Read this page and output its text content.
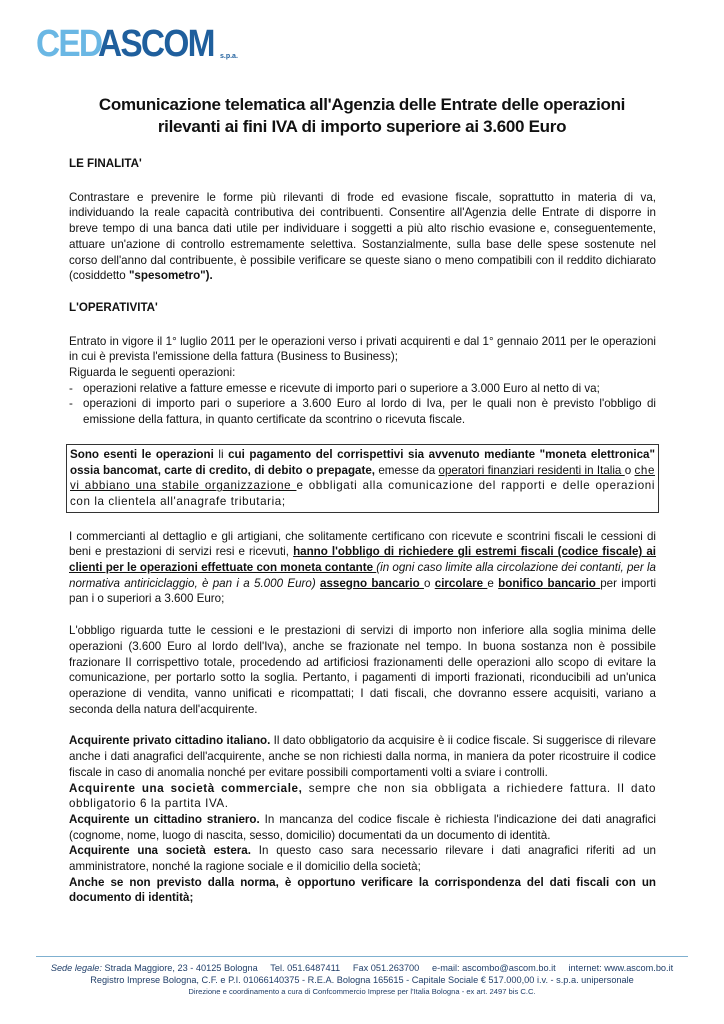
CED
ASCOM s.p.a.
Comunicazione telematica all'Agenzia delle Entrate delle operazioni
rilevanti ai fini IVA di importo superiore ai 3.600 Euro
LE FINALITA'

Contrastare e prevenire le forme più rilevanti di frode ed evasione fiscale, soprattutto in materia di va, individuando la reale capacità contributiva dei contribuenti. Consentire all'Agenzia delle Entrate di disporre in breve tempo di una banca dati utile per individuare i soggetti a più alto rischio evasione e, conseguentemente, attuare un'azione di controllo estremamente selettiva. Sostanzialmente, sulla base delle spese sostenute nel corso dell'anno dal contribuente, è possibile verificare se queste siano o meno compatibili con il reddito dichiarato (cosiddetto "spesometro").

L'OPERATIVITA'

Entrato in vigore il 1° luglio 2011 per le operazioni verso i privati acquirenti e dal 1° gennaio 2011 per le operazioni in cui è prevista l'emissione della fattura (Business to Business);

Riguarda le seguenti operazioni:

- operazioni relative a fatture emesse e ricevute di importo pari o superiore a 3.000 Euro al netto di va;
- operazioni di importo pari o superiore a 3.600 Euro al lordo di Iva, per le quali non è previsto l'obbligo di emissione della fattura, in quanto certificate da scontrino o ricevuta fiscale.
Sono esenti le operazioni li cui pagamento del corrispettivi sia avvenuto mediante "moneta elettronica" ossia bancomat, carte di credito, di debito o prepagate, emesse da operatori finanziari residenti in Italia o che vi abbiano una stabile organizzazione e obbligati alla comunicazione del rapporti e delle operazioni con la clientela all'anagrafe tributaria;

I commercianti al dettaglio e gli artigiani, che solitamente certificano con ricevute e scontrini fiscali le cessioni di beni e prestazioni di servizi resi e ricevuti, hanno l'obbligo di richiedere gli estremi fiscali (codice fiscale) ai clienti per le operazioni effettuate con moneta contante (in ogni caso limite alla circolazione dei contanti, per la normativa antiriciclaggio, è pan i a 5.000 Euro) assegno bancario o circolare e bonifico bancario per importi pan i o superiori a 3.600 Euro;

L'obbligo riguarda tutte le cessioni e le prestazioni di servizi di importo non inferiore alla soglia minima delle operazioni (3.600 Euro al lordo dell'Iva), anche se frazionate nel tempo. In buona sostanza non è possibile frazionare II corrispettivo totale, procedendo ad artificiosi frazionamenti delle operazioni allo scopo di evitare la comunicazione, per portarlo sotto la soglia. Pertanto, i pagamenti di importi frazionati, riconducibili ad un'unica operazione di vendita, vanno unificati e ricompattati; I dati fiscali, che dovranno essere acquisiti, variano a seconda della natura dell'acquirente.

Acquirente privato cittadino italiano. Il dato obbligatorio da acquisire è ii codice fiscale. Si suggerisce di rilevare anche i dati anagrafici dell'acquirente, anche se non richiesti dalla norma, in maniera da poter ricostruire il codice fiscale in caso di anomalia nonché per evitare possibili comportamenti volti a sviare i controlli.

Acquirente una società commerciale, sempre che non sia obbligata a richiedere fattura. II dato obbligatorio 6 la partita IVA.

Acquirente un cittadino straniero. In mancanza del codice fiscale è richiesta l'indicazione dei dati anagrafici (cognome, nome, luogo di nascita, sesso, domicilio) documentati da un documento di identità.

Acquirente una società estera. In questo caso sara necessario rilevare i dati anagrafici riferiti ad un amministratore, nonché la ragione sociale e il domicilio della società;

Anche se non previsto dalla norma, è opportuno verificare la corrispondenza del dati fiscali con un documento di identità;

Sede legale: Strada Maggiore, 23 - 40125 Bologna     Tel. 051.6487411     Fax 051.263700     e-mail: ascombo@ascom.bo.it     internet: www.ascom.bo.it
Registro Imprese Bologna, C.F. e P.I. 01066140375 - R.E.A. Bologna 165615 - Capitale Sociale € 517.000,00 i.v. - s.p.a. unipersonale
Direzione e coordinamento a cura di Confcommercio Imprese per l'Italia Bologna - ex art. 2497 bis C.C.
